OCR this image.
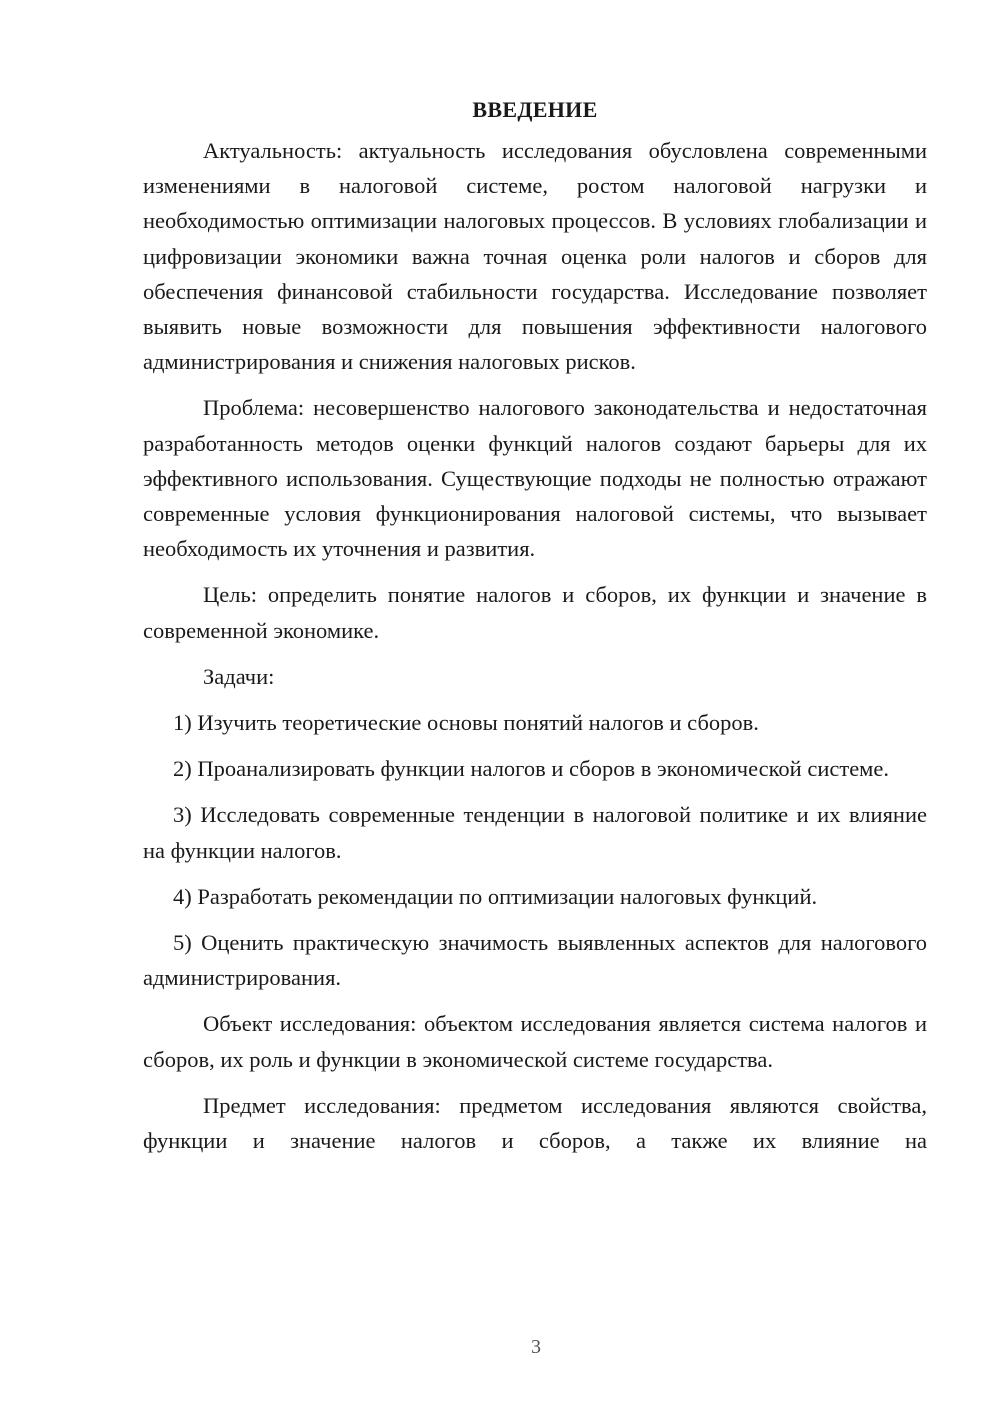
ВВЕДЕНИЕ

Актуальность: актуальность исследования обусловлена современными изменениями в налоговой системе, ростом налоговой нагрузки и необходимостью оптимизации налоговых процессов. В условиях глобализации и цифровизации экономики важна точная оценка роли налогов и сборов для обеспечения финансовой стабильности государства. Исследование позволяет выявить новые возможности для повышения эффективности налогового администрирования и снижения налоговых рисков.

Проблема: несовершенство налогового законодательства и недостаточная разработанность методов оценки функций налогов создают барьеры для их эффективного использования. Существующие подходы не полностью отражают современные условия функционирования налоговой системы, что вызывает необходимость их уточнения и развития.

Цель: определить понятие налогов и сборов, их функции и значение в современной экономике.

Задачи:

1) Изучить теоретические основы понятий налогов и сборов.

2) Проанализировать функции налогов и сборов в экономической системе.

3) Исследовать современные тенденции в налоговой политике и их влияние на функции налогов.

4) Разработать рекомендации по оптимизации налоговых функций.

5) Оценить практическую значимость выявленных аспектов для налогового администрирования.

Объект исследования: объектом исследования является система налогов и сборов, их роль и функции в экономической системе государства.

Предмет исследования: предметом исследования являются свойства, функции и значение налогов и сборов, а также их влияние на

3
